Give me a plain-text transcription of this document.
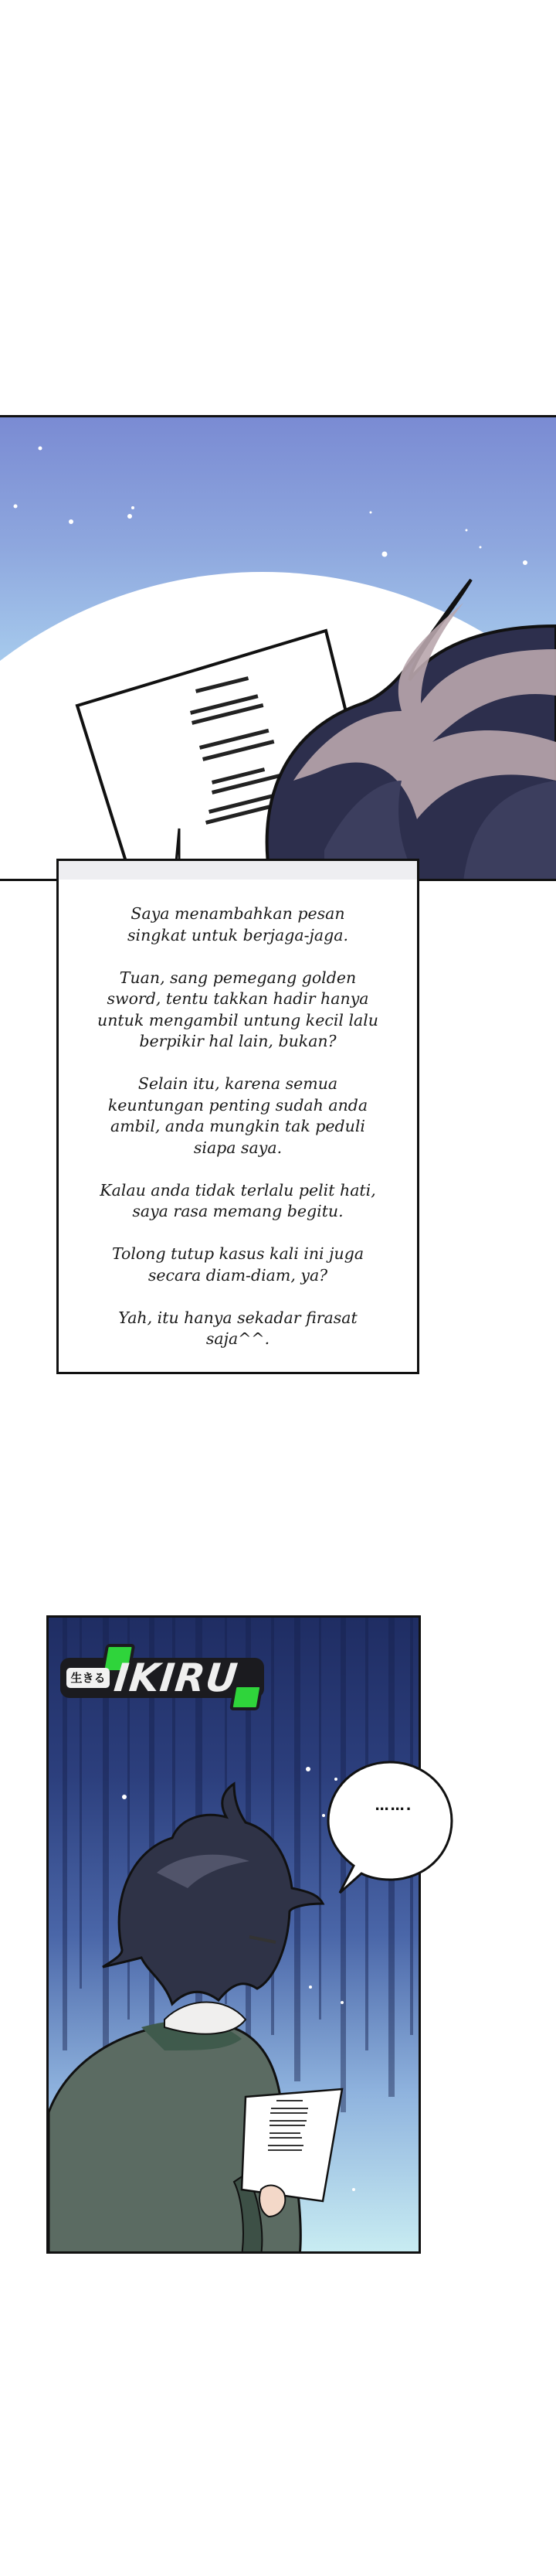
Saya menambahkan pesan
singkat untuk berjaga-jaga.

Tuan, sang pemegang golden
sword, tentu takkan hadir hanya
untuk mengambil untung kecil lalu
berpikir hal lain, bukan?

Selain itu, karena semua
keuntungan penting sudah anda
ambil, anda mungkin tak peduli
siapa saya.

Kalau anda tidak terlalu pelit hati,
saya rasa memang begitu.

Tolong tutup kasus kali ini juga
secara diam-diam, ya?

Yah, itu hanya sekadar firasat
saja^^.

生きる IKIRU
…….
